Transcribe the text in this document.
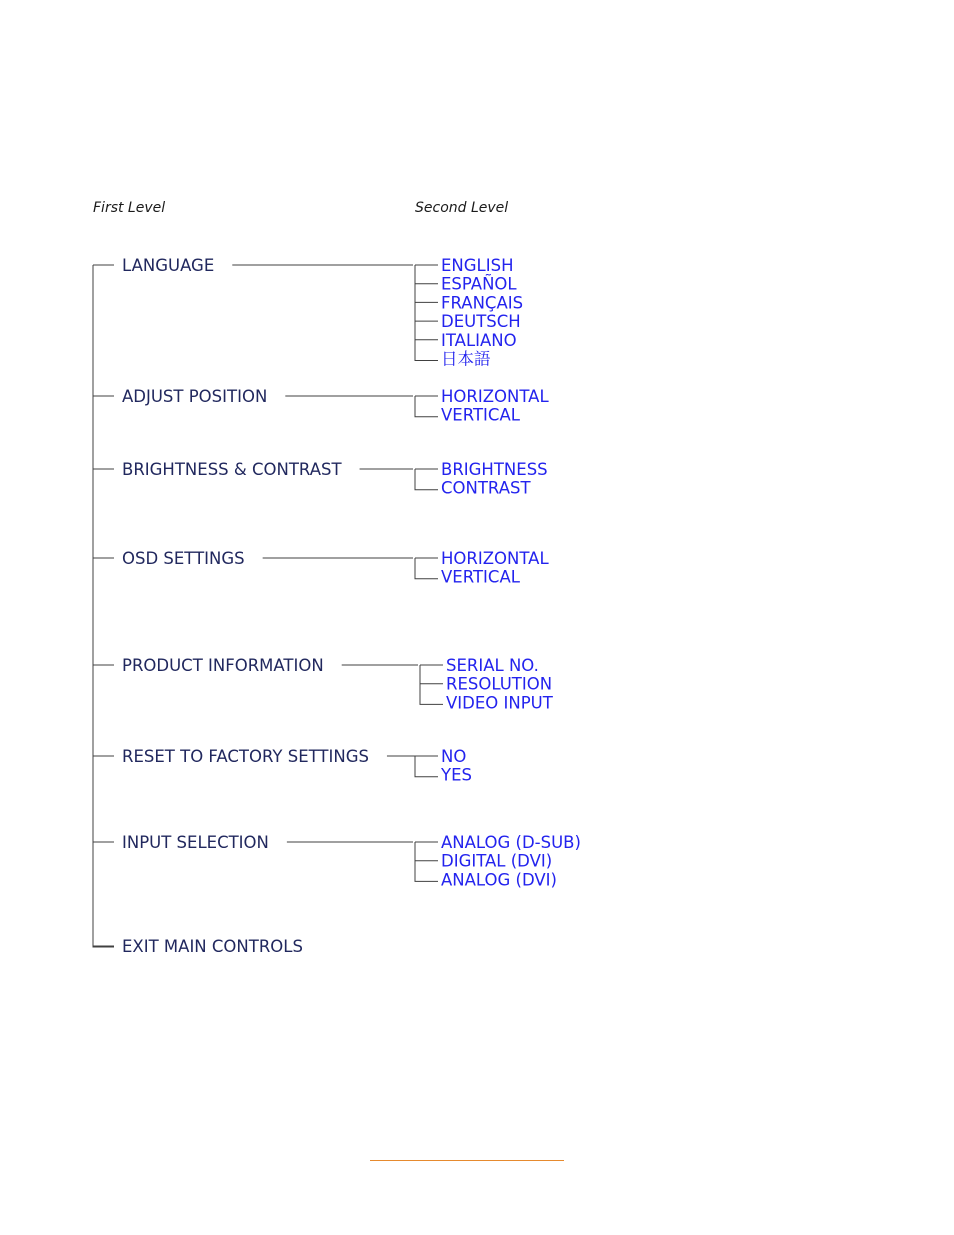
First Level	Second Level
LANGUAGE	ENGLISH
ESPAÑOL
FRANÇAIS
DEUTSCH
ITALIANO
日本語
ADJUST POSITION	HORIZONTAL
VERTICAL
BRIGHTNESS & CONTRAST	BRIGHTNESS
CONTRAST
OSD SETTINGS	HORIZONTAL
VERTICAL
PRODUCT INFORMATION	SERIAL NO.
RESOLUTION
VIDEO INPUT
RESET TO FACTORY SETTINGS	NO
YES
INPUT SELECTION	ANALOG (D-SUB)
DIGITAL (DVI)
ANALOG (DVI)
EXIT MAIN CONTROLS
